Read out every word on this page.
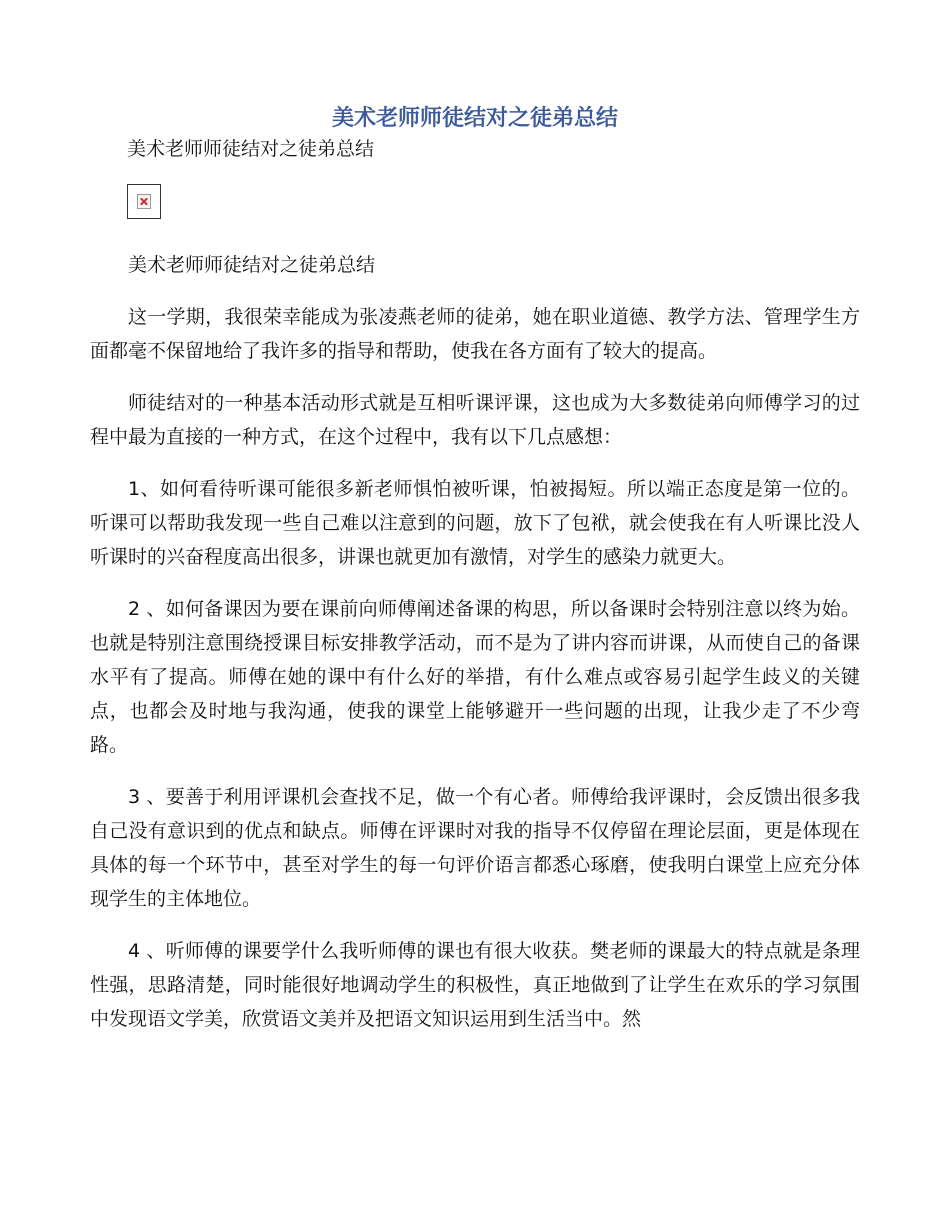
美术老师师徒结对之徒弟总结
美术老师师徒结对之徒弟总结

美术老师师徒结对之徒弟总结

这一学期，我很荣幸能成为张凌燕老师的徒弟，她在职业道德、教学方法、管理学生方面都毫不保留地给了我许多的指导和帮助，使我在各方面有了较大的提高。

师徒结对的一种基本活动形式就是互相听课评课，这也成为大多数徒弟向师傅学习的过程中最为直接的一种方式，在这个过程中，我有以下几点感想：

1、如何看待听课可能很多新老师惧怕被听课，怕被揭短。所以端正态度是第一位的。听课可以帮助我发现一些自己难以注意到的问题，放下了包袱，就会使我在有人听课比没人听课时的兴奋程度高出很多，讲课也就更加有激情，对学生的感染力就更大。

2 、如何备课因为要在课前向师傅阐述备课的构思，所以备课时会特别注意以终为始。也就是特别注意围绕授课目标安排教学活动，而不是为了讲内容而讲课，从而使自己的备课水平有了提高。师傅在她的课中有什么好的举措，有什么难点或容易引起学生歧义的关键点，也都会及时地与我沟通，使我的课堂上能够避开一些问题的出现，让我少走了不少弯路。

3 、要善于利用评课机会查找不足，做一个有心者。师傅给我评课时，会反馈出很多我自己没有意识到的优点和缺点。师傅在评课时对我的指导不仅停留在理论层面，更是体现在具体的每一个环节中，甚至对学生的每一句评价语言都悉心琢磨，使我明白课堂上应充分体现学生的主体地位。

4 、听师傅的课要学什么我听师傅的课也有很大收获。樊老师的课最大的特点就是条理性强，思路清楚，同时能很好地调动学生的积极性，真正地做到了让学生在欢乐的学习氛围中发现语文学美，欣赏语文美并及把语文知识运用到生活当中。然
